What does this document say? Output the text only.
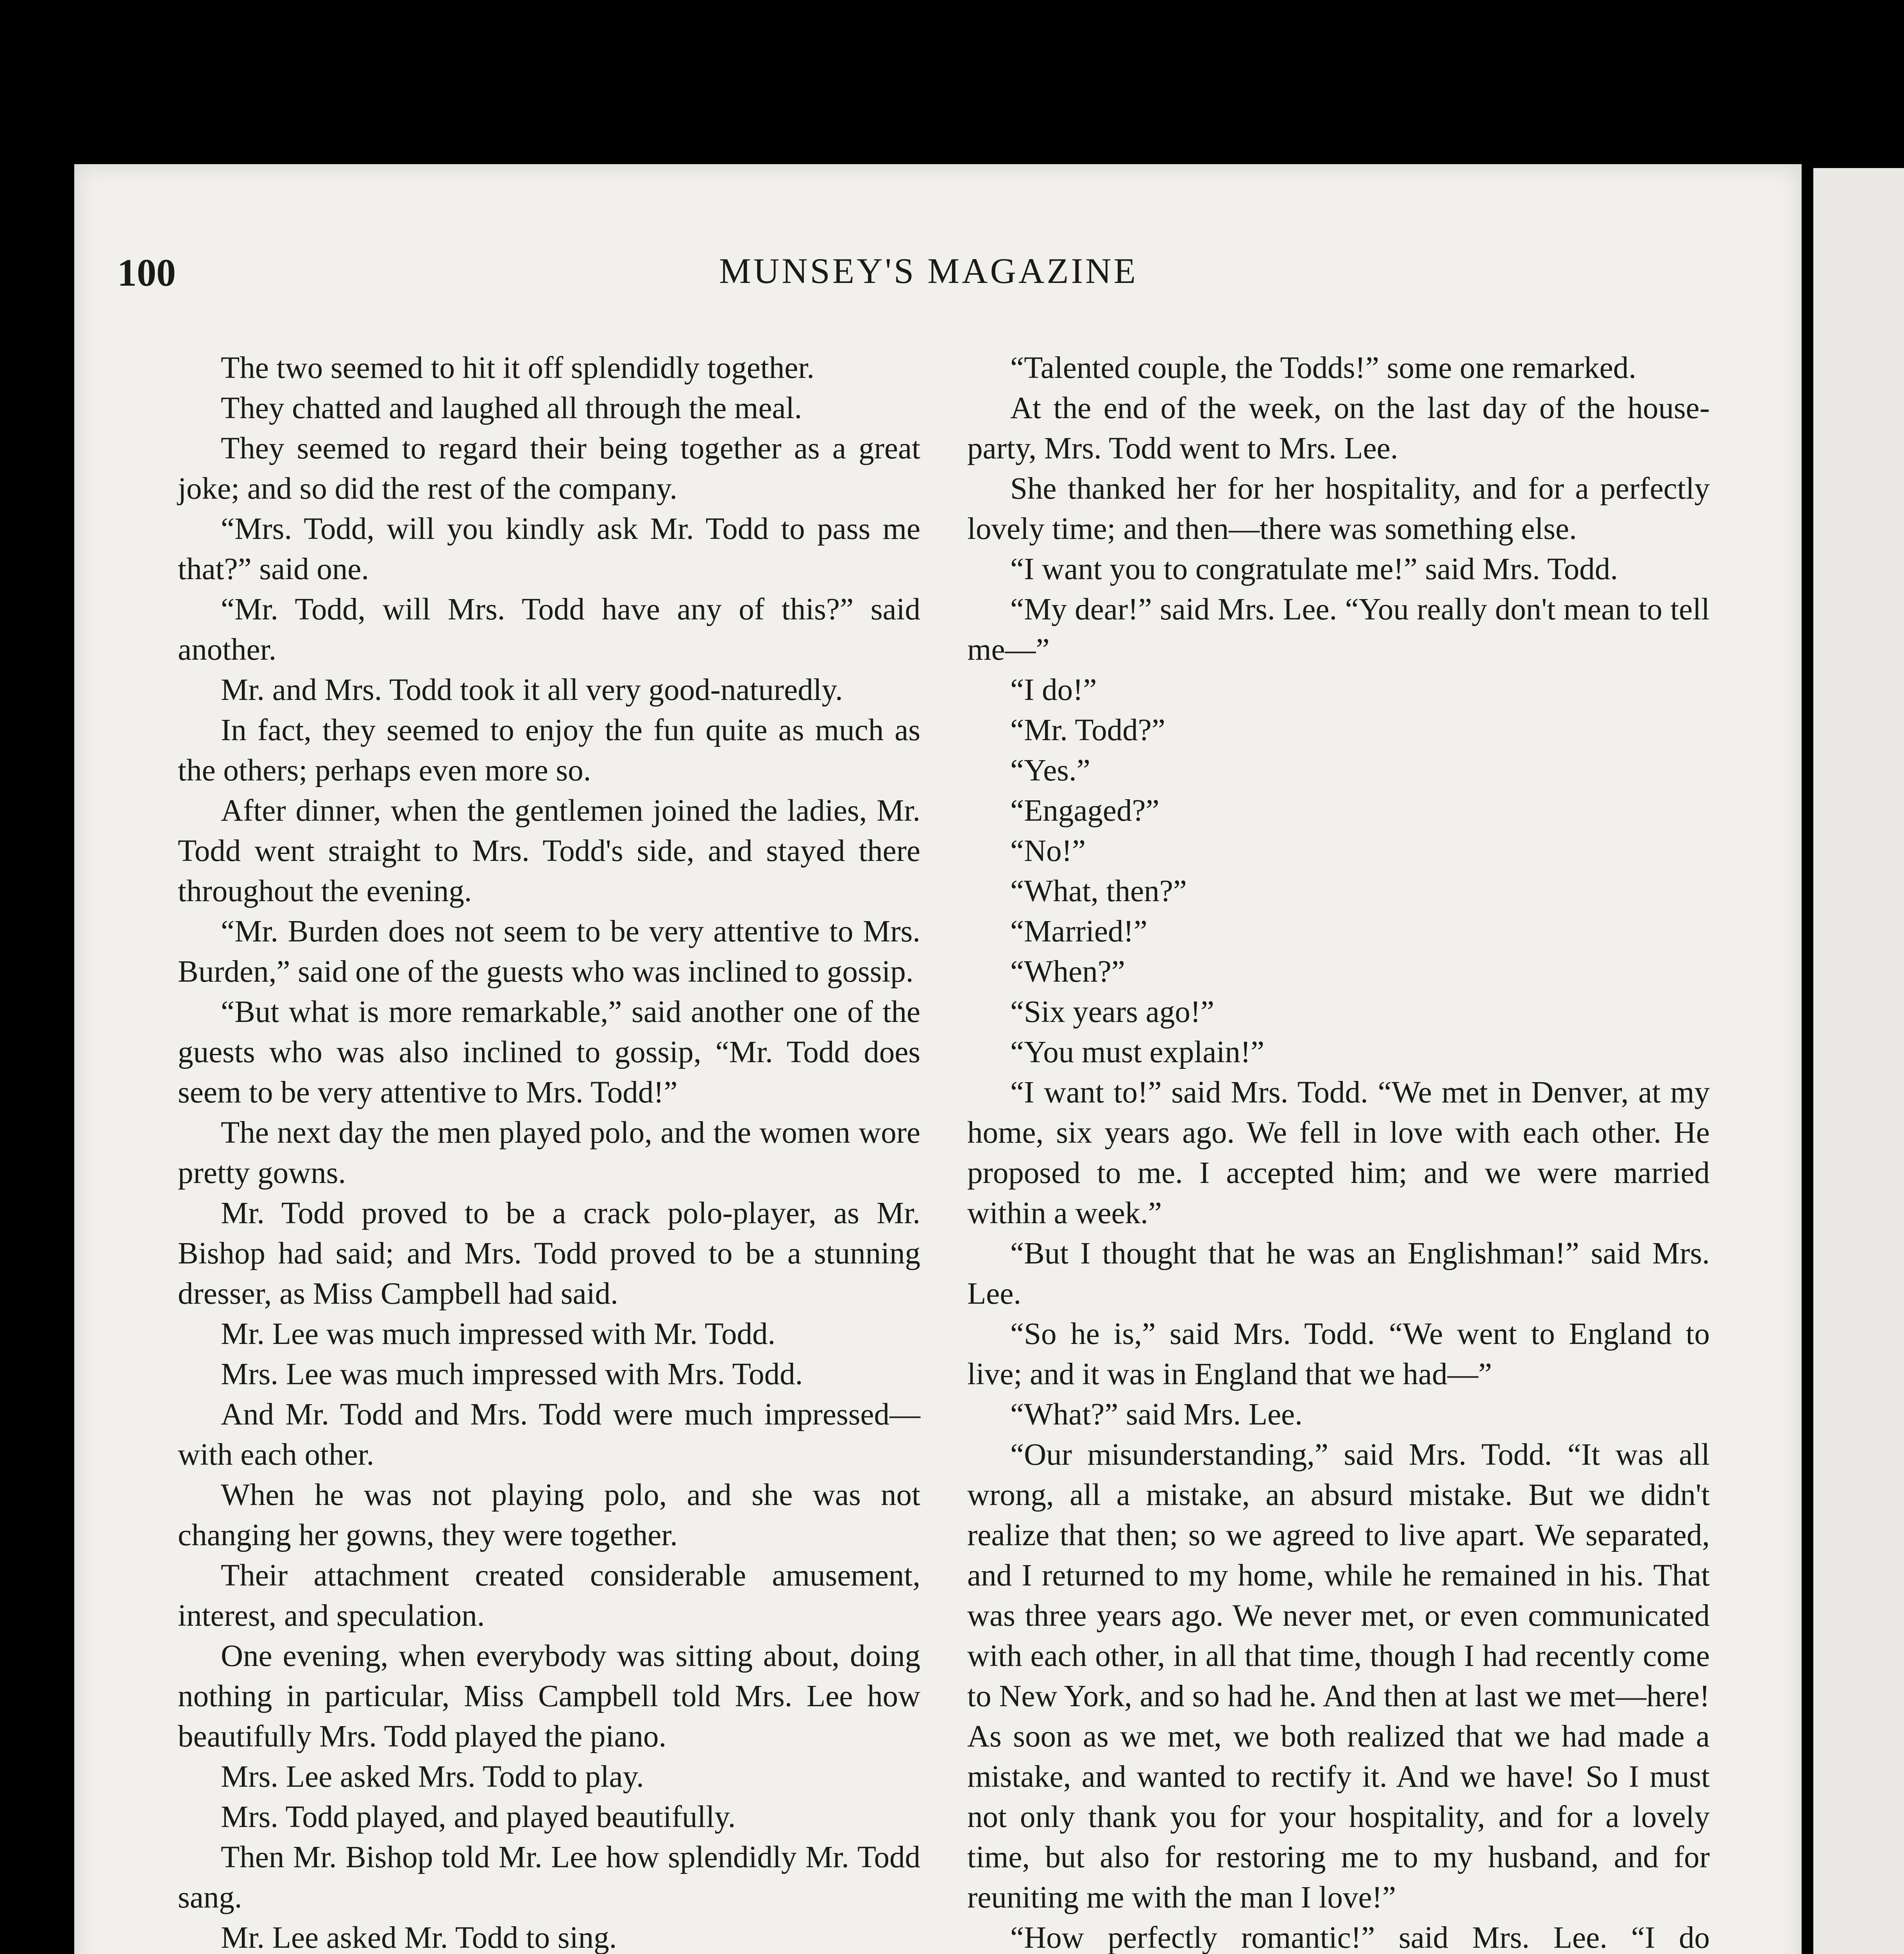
100	MUNSEY'S MAGAZINE

The two seemed to hit it off splendidly together.

They chatted and laughed all through the meal.

They seemed to regard their being together as a great joke; and so did the rest of the company.

“Mrs. Todd, will you kindly ask Mr. Todd to pass me that?” said one.

“Mr. Todd, will Mrs. Todd have any of this?” said another.

Mr. and Mrs. Todd took it all very good-naturedly.

In fact, they seemed to enjoy the fun quite as much as the others; perhaps even more so.

After dinner, when the gentlemen joined the ladies, Mr. Todd went straight to Mrs. Todd's side, and stayed there throughout the evening.

“Mr. Burden does not seem to be very attentive to Mrs. Burden,” said one of the guests who was inclined to gossip.

“But what is more remarkable,” said another one of the guests who was also inclined to gossip, “Mr. Todd does seem to be very attentive to Mrs. Todd!”

The next day the men played polo, and the women wore pretty gowns.

Mr. Todd proved to be a crack polo-player, as Mr. Bishop had said; and Mrs. Todd proved to be a stunning dresser, as Miss Campbell had said.

Mr. Lee was much impressed with Mr. Todd.

Mrs. Lee was much impressed with Mrs. Todd.

And Mr. Todd and Mrs. Todd were much impressed—with each other.

When he was not playing polo, and she was not changing her gowns, they were together.

Their attachment created considerable amusement, interest, and speculation.

One evening, when everybody was sitting about, doing nothing in particular, Miss Campbell told Mrs. Lee how beautifully Mrs. Todd played the piano.

Mrs. Lee asked Mrs. Todd to play.

Mrs. Todd played, and played beautifully.

Then Mr. Bishop told Mr. Lee how splendidly Mr. Todd sang.

Mr. Lee asked Mr. Todd to sing.

“Talented couple, the Todds!” some one remarked.

At the end of the week, on the last day of the house-party, Mrs. Todd went to Mrs. Lee.

She thanked her for her hospitality, and for a perfectly lovely time; and then—there was something else.

“I want you to congratulate me!” said Mrs. Todd.

“My dear!” said Mrs. Lee. “You really don't mean to tell me—”

“I do!”

“Mr. Todd?”

“Yes.”

“Engaged?”

“No!”

“What, then?”

“Married!”

“When?”

“Six years ago!”

“You must explain!”

“I want to!” said Mrs. Todd. “We met in Denver, at my home, six years ago. We fell in love with each other. He proposed to me. I accepted him; and we were married within a week.”

“But I thought that he was an Englishman!” said Mrs. Lee.

“So he is,” said Mrs. Todd. “We went to England to live; and it was in England that we had—”

“What?” said Mrs. Lee.

“Our misunderstanding,” said Mrs. Todd. “It was all wrong, all a mistake, an absurd mistake. But we didn't realize that then; so we agreed to live apart. We separated, and I returned to my home, while he remained in his. That was three years ago. We never met, or even communicated with each other, in all that time, though I had recently come to New York, and so had he. And then at last we met—here! As soon as we met, we both realized that we had made a mistake, and wanted to rectify it. And we have! So I must not only thank you for your hospitality, and for a lovely time, but also for restoring me to my husband, and for reuniting me with the man I love!”

“How perfectly romantic!” said Mrs. Lee. “I do
